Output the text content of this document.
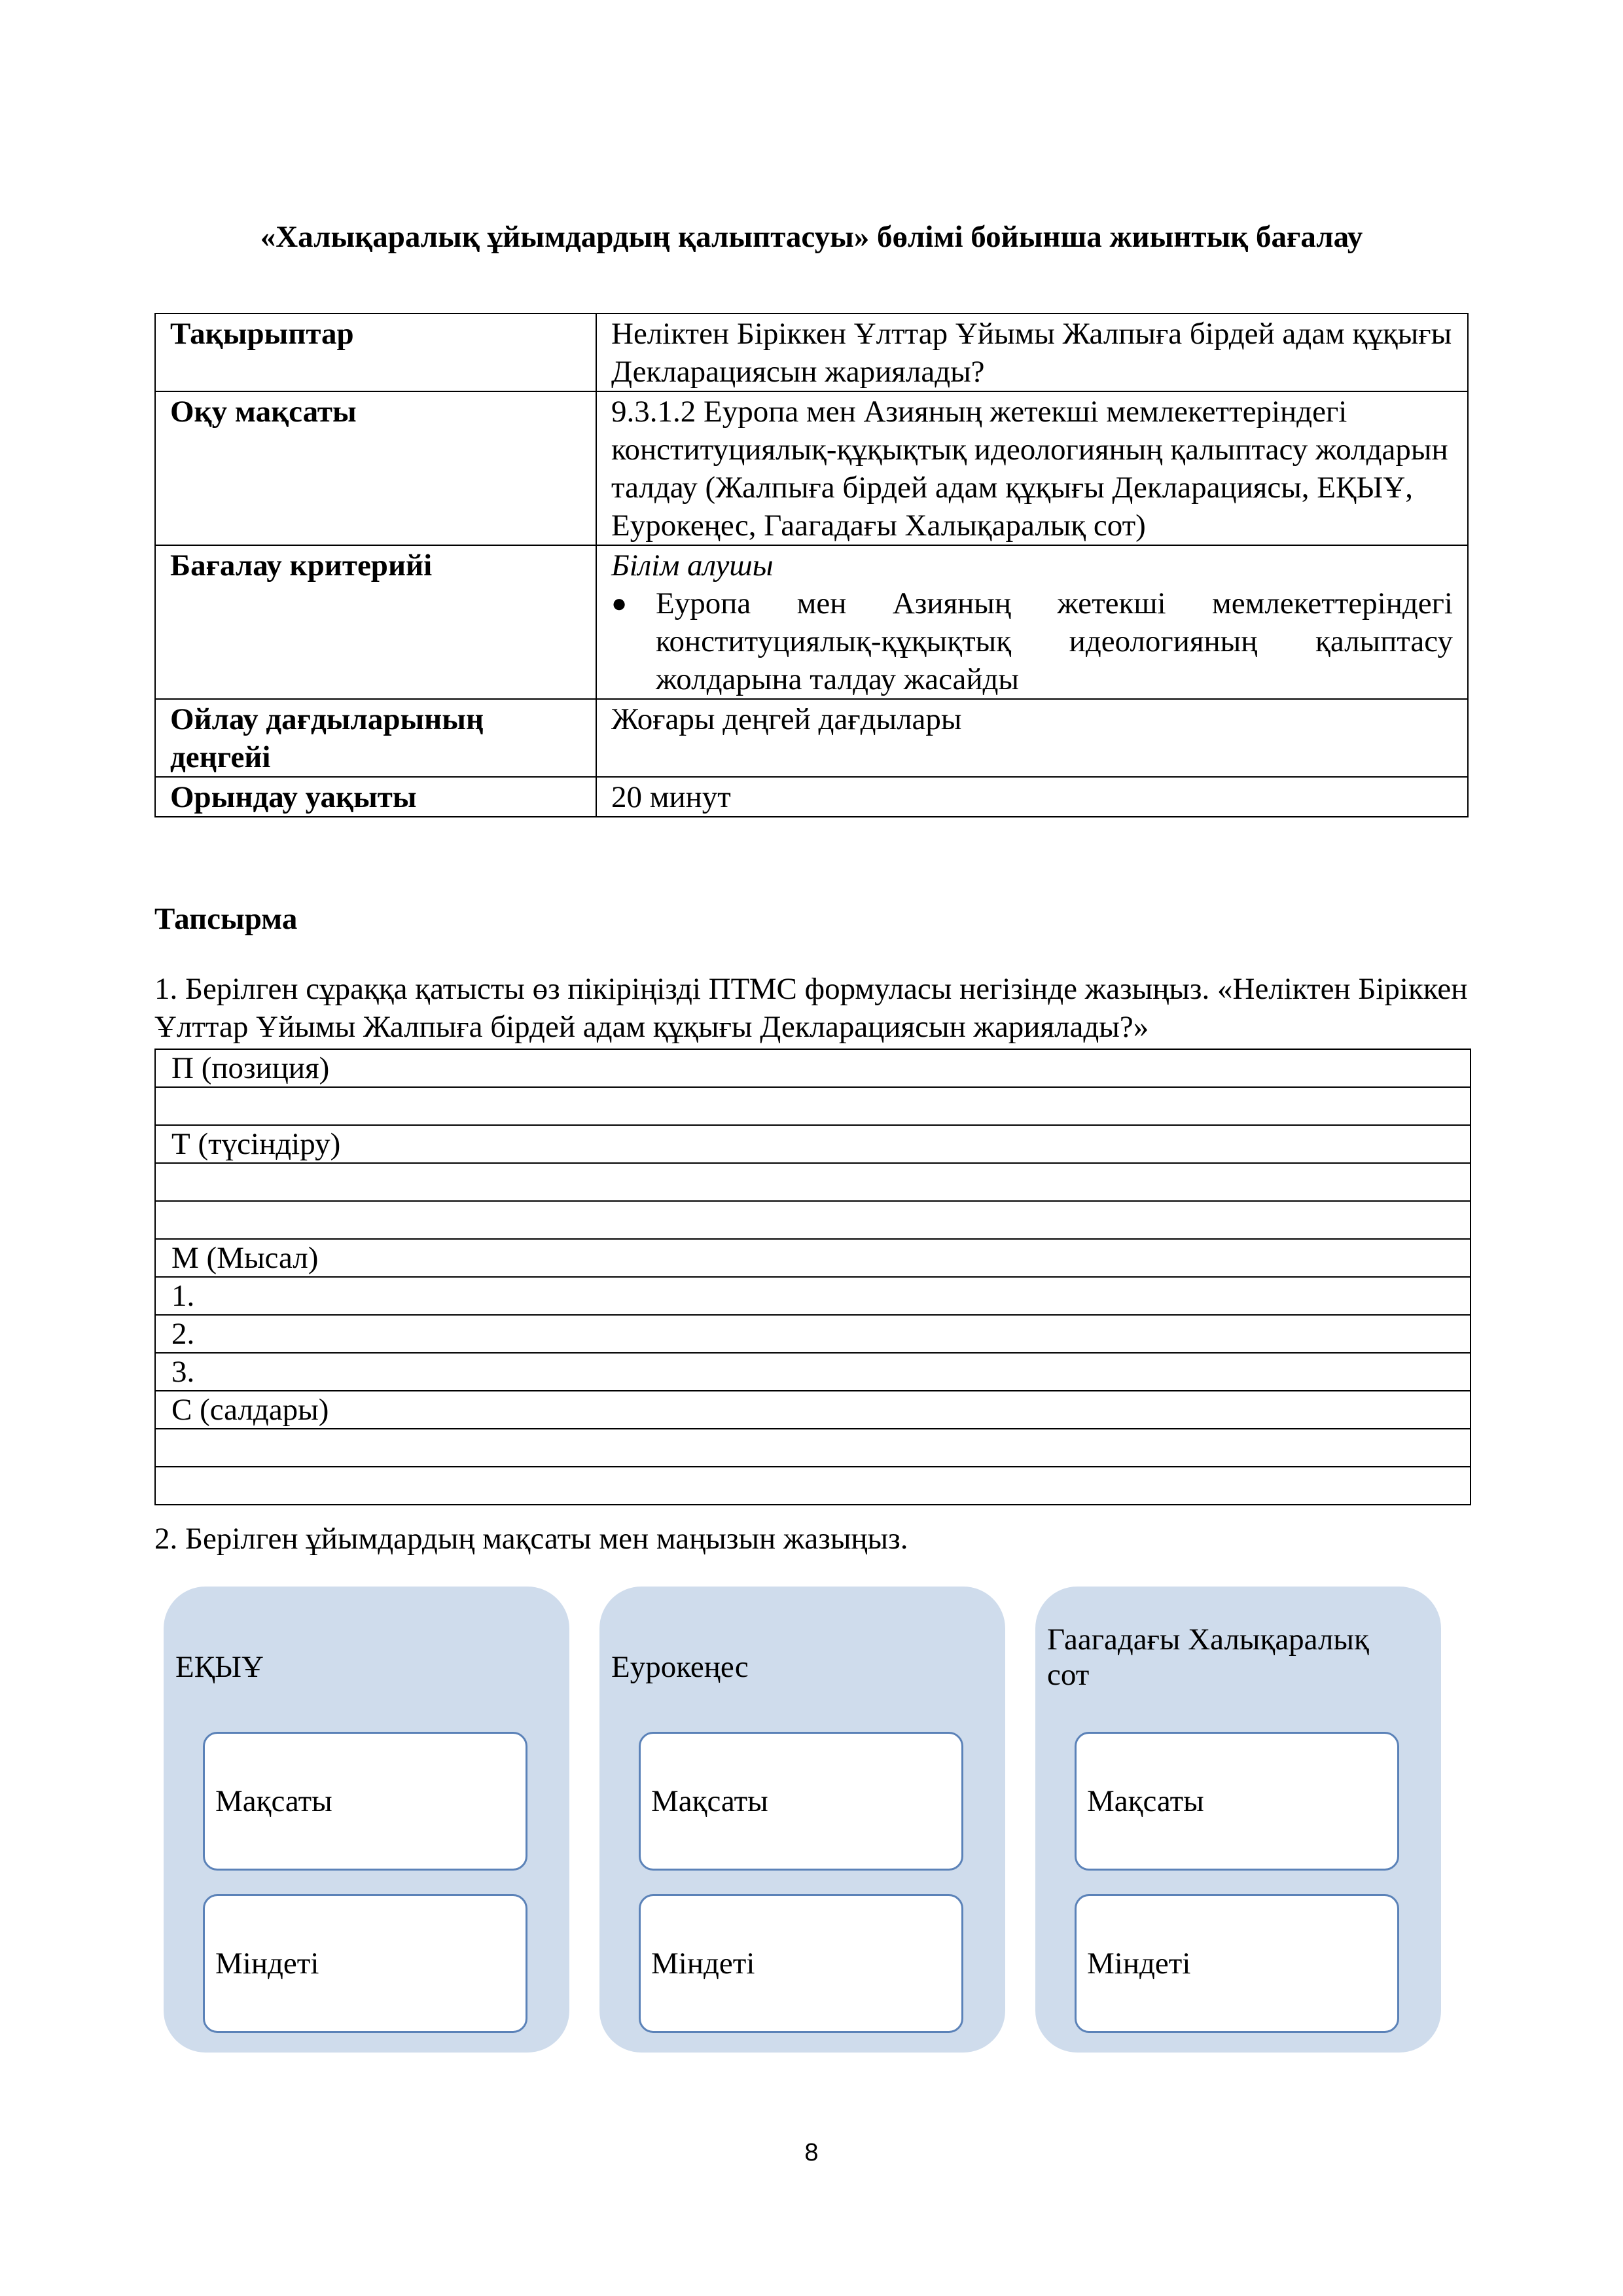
«Халықаралық ұйымдардың қалыптасуы» бөлімі бойынша жиынтық бағалау
Тақырыптар	Неліктен Біріккен Ұлттар Ұйымы Жалпыға бірдей адам құқығы Декларациясын жариялады?
Оқу мақсаты	9.3.1.2 Еуропа мен Азияның жетекші мемлекеттеріндегі конституциялық-құқықтық идеологияның қалыптасу жолдарын талдау (Жалпыға бірдей адам құқығы Декларациясы, ЕҚЫҰ, Еурокеңес, Гаагадағы Халықаралық сот)
Бағалау критерийі	Білім алушы
● Еуропа мен Азияның жетекші мемлекеттеріндегі конституциялық-құқықтық идеологияның қалыптасу жолдарына талдау жасайды

Ойлау дағдыларының деңгейі	Жоғары деңгей дағдылары
Орындау уақыты	20 минут
Тапсырма
1. Берілген сұраққа қатысты өз пікіріңізді ПТМС формуласы негізінде жазыңыз. «Неліктен Біріккен Ұлттар Ұйымы Жалпыға бірдей адам құқығы Декларациясын жариялады?»
П (позиция)

Т (түсіндіру)

М (Мысал)
1.
2.
3.
С (салдары)

2. Берілген ұйымдардың мақсаты мен маңызын жазыңыз.
ЕҚЫҰ
Мақсаты
Міндеті
Еурокеңес
Мақсаты
Міндеті
Гаагадағы Халықаралық сот
Мақсаты
Міндеті
8
